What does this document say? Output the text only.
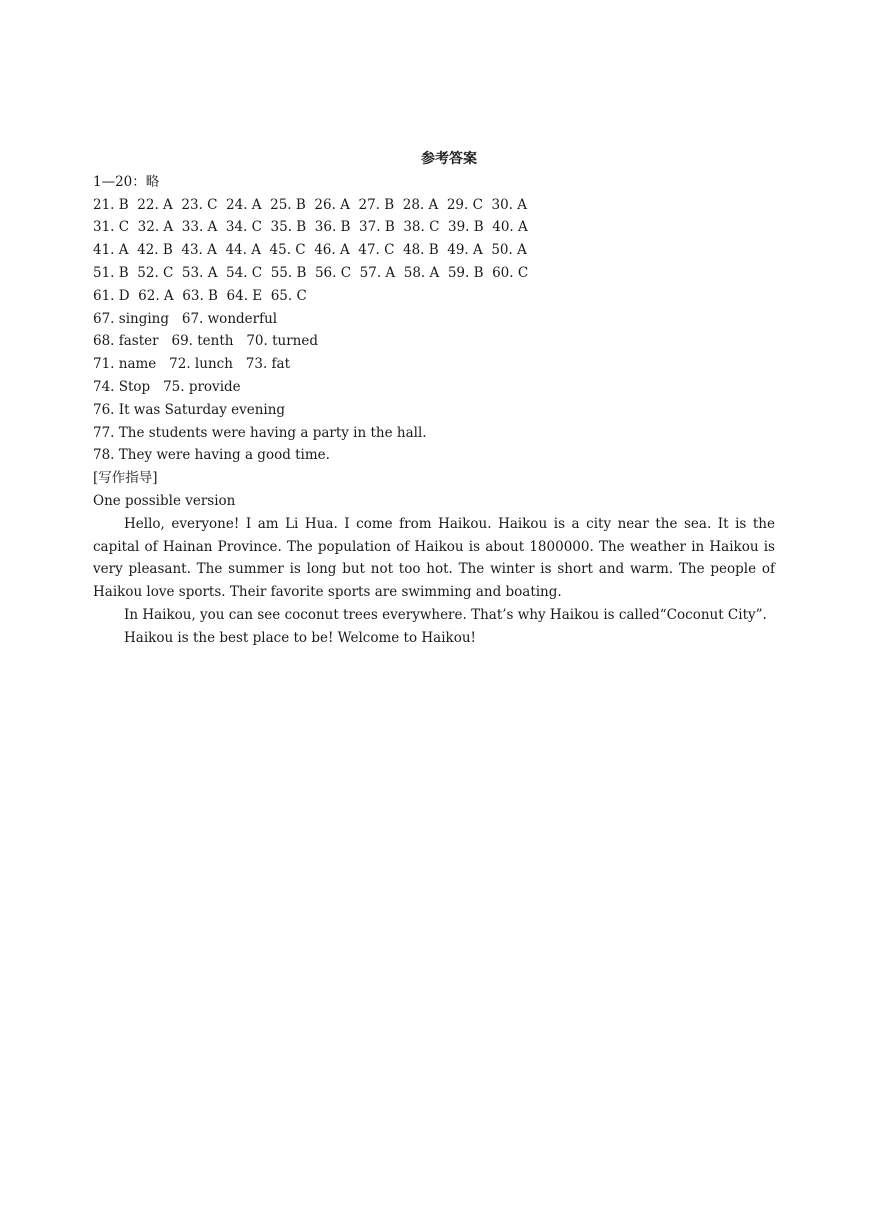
参考答案
1—20：略
21. B  22. A  23. C  24. A  25. B  26. A  27. B  28. A  29. C  30. A
31. C  32. A  33. A  34. C  35. B  36. B  37. B  38. C  39. B  40. A
41. A  42. B  43. A  44. A  45. C  46. A  47. C  48. B  49. A  50. A
51. B  52. C  53. A  54. C  55. B  56. C  57. A  58. A  59. B  60. C
61. D  62. A  63. B  64. E  65. C
67. singing   67. wonderful
68. faster   69. tenth   70. turned
71. name   72. lunch   73. fat
74. Stop   75. provide
76. It was Saturday evening
77. The students were having a party in the hall.
78. They were having a good time.
[写作指导]
One possible version

Hello, everyone! I am Li Hua. I come from Haikou. Haikou is a city near the sea. It is the capital of Hainan Province. The population of Haikou is about 1800000. The weather in Haikou is very pleasant. The summer is long but not too hot. The winter is short and warm. The people of Haikou love sports. Their favorite sports are swimming and boating.

In Haikou, you can see coconut trees everywhere. That’s why Haikou is called“Coconut City”.

Haikou is the best place to be! Welcome to Haikou!
